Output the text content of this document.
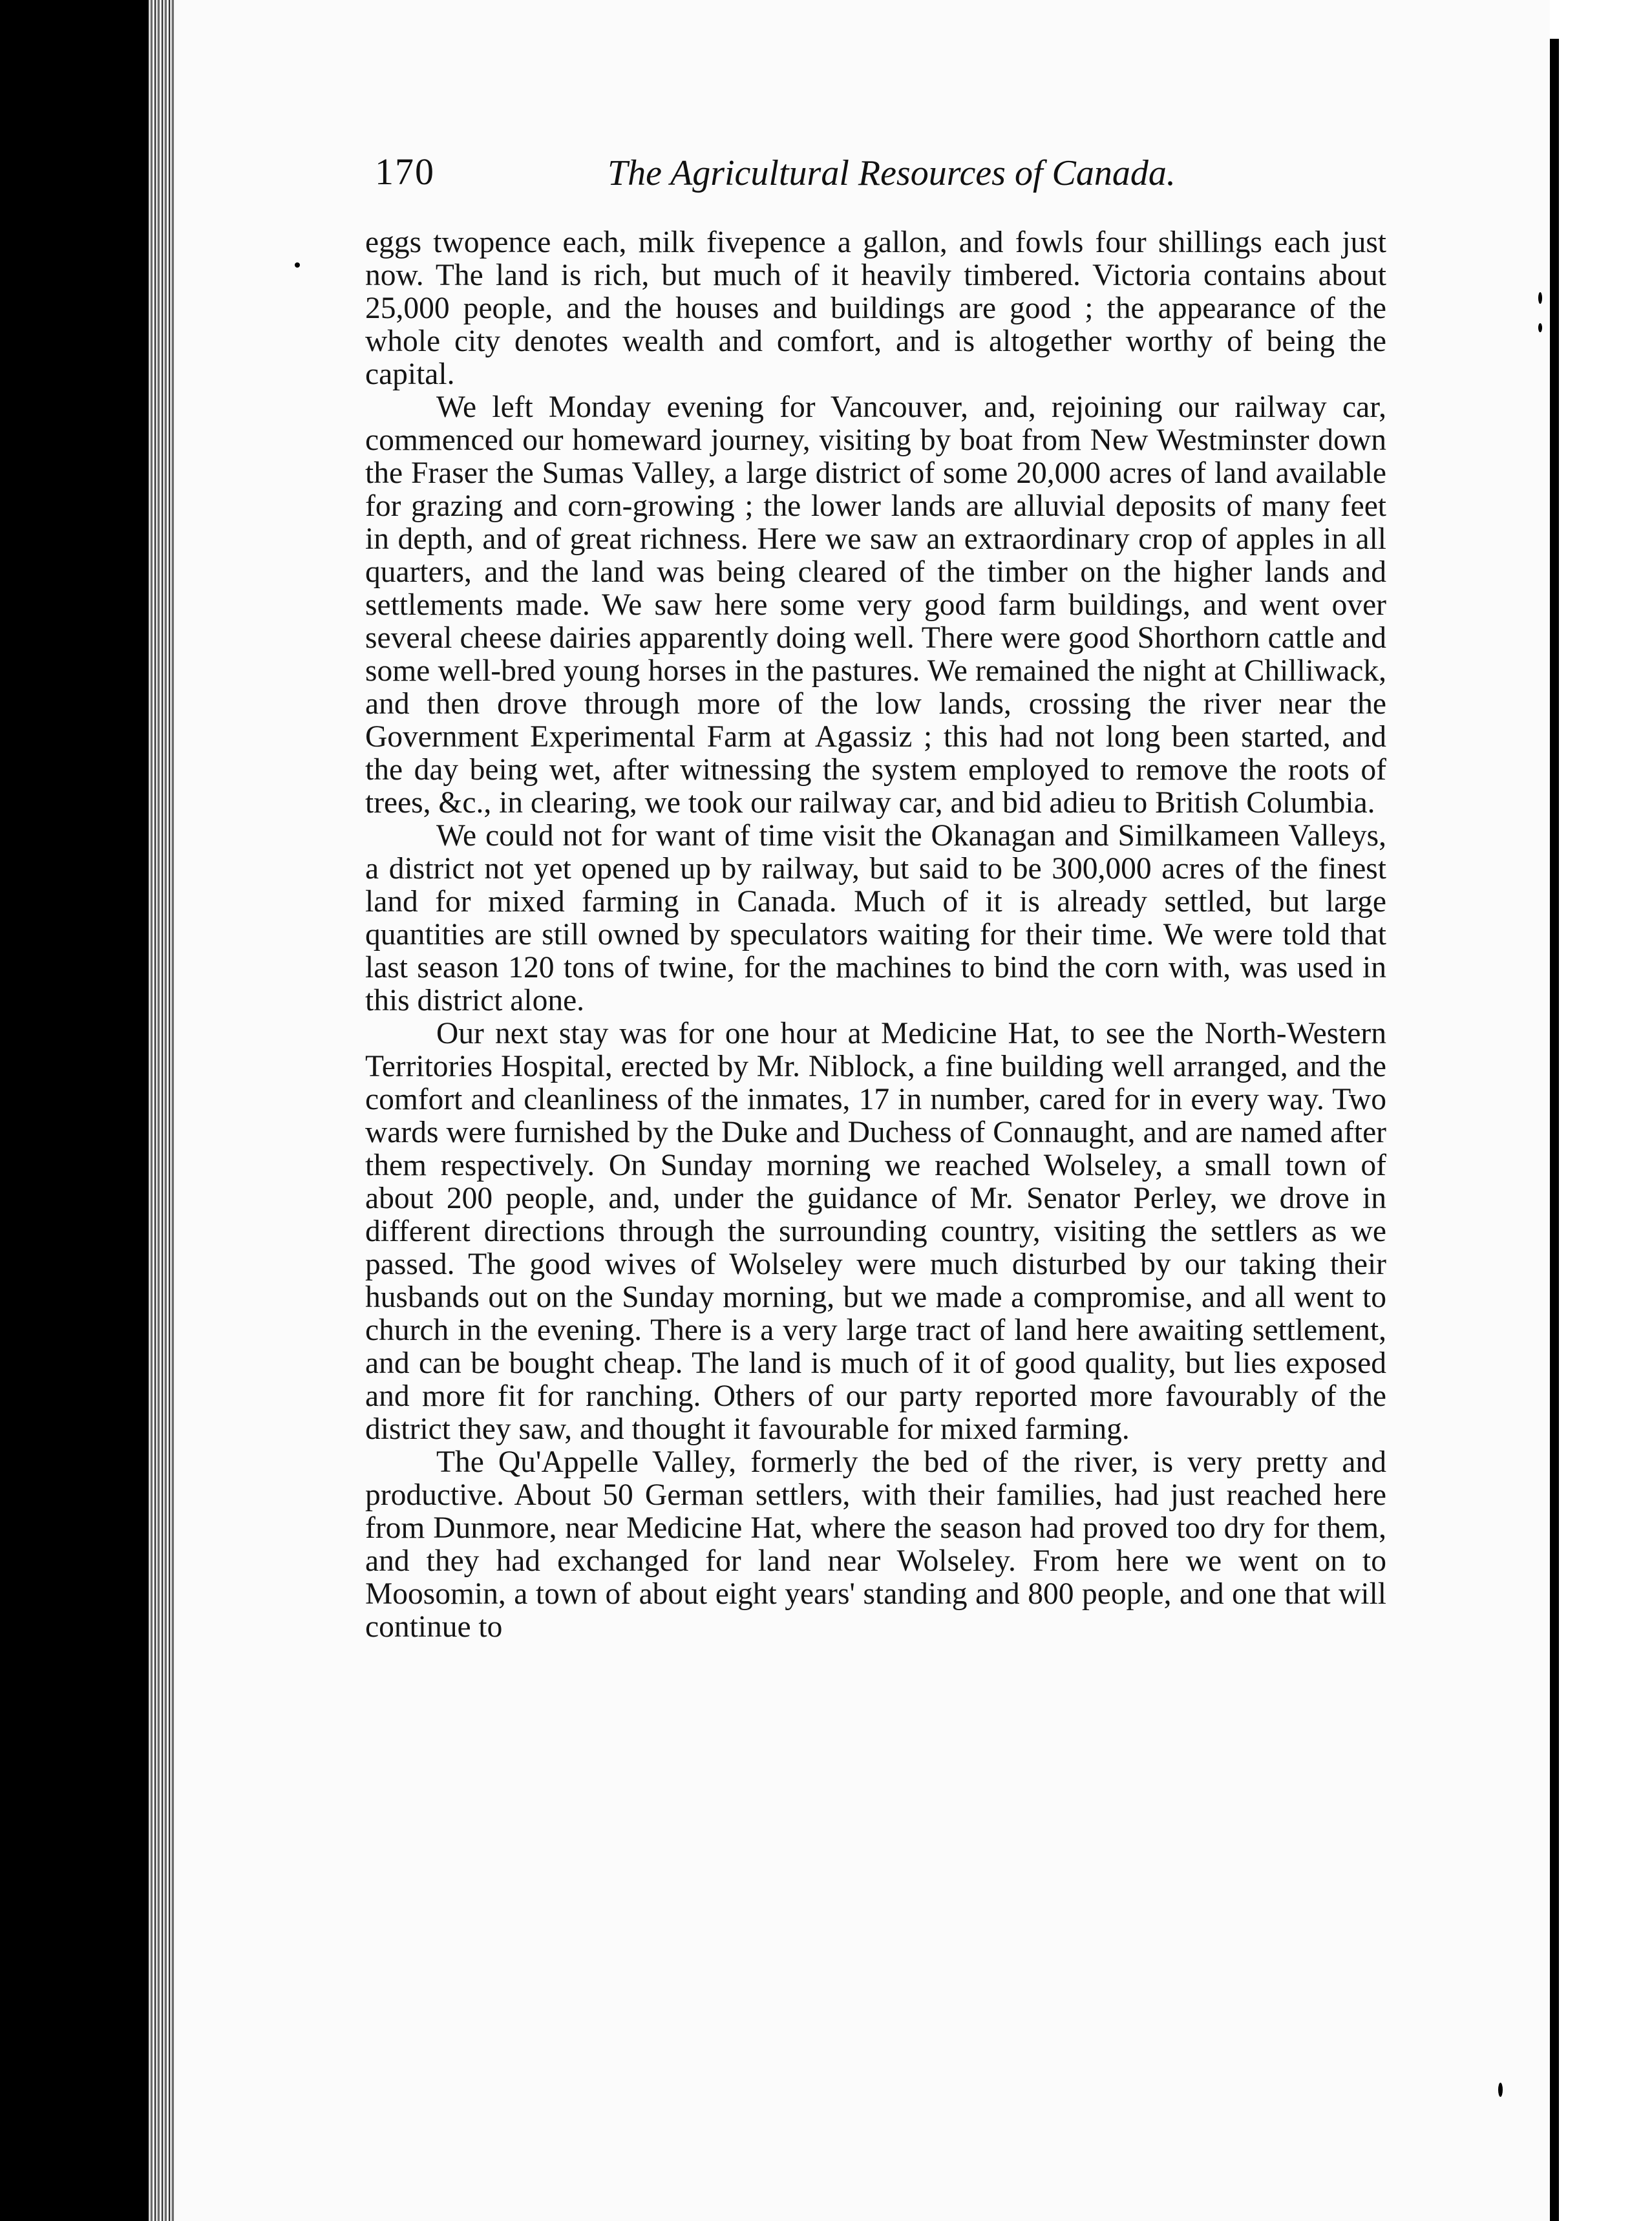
170	The Agricultural Resources of Canada.

eggs twopence each, milk fivepence a gallon, and fowls four shillings each just now. The land is rich, but much of it heavily timbered. Victoria contains about 25,000 people, and the houses and buildings are good ; the appearance of the whole city denotes wealth and comfort, and is altogether worthy of being the capital.

We left Monday evening for Vancouver, and, rejoining our railway car, commenced our homeward journey, visiting by boat from New Westminster down the Fraser the Sumas Valley, a large district of some 20,000 acres of land available for grazing and corn-growing ; the lower lands are alluvial deposits of many feet in depth, and of great richness. Here we saw an extraordinary crop of apples in all quarters, and the land was being cleared of the timber on the higher lands and settlements made. We saw here some very good farm buildings, and went over several cheese dairies apparently doing well. There were good Shorthorn cattle and some well-bred young horses in the pastures. We remained the night at Chilliwack, and then drove through more of the low lands, crossing the river near the Government Experimental Farm at Agassiz ; this had not long been started, and the day being wet, after witnessing the system employed to remove the roots of trees, &c., in clearing, we took our railway car, and bid adieu to British Columbia.

We could not for want of time visit the Okanagan and Similkameen Valleys, a district not yet opened up by railway, but said to be 300,000 acres of the finest land for mixed farming in Canada. Much of it is already settled, but large quantities are still owned by speculators waiting for their time. We were told that last season 120 tons of twine, for the machines to bind the corn with, was used in this district alone.

Our next stay was for one hour at Medicine Hat, to see the North-Western Territories Hospital, erected by Mr. Niblock, a fine building well arranged, and the comfort and cleanliness of the inmates, 17 in number, cared for in every way. Two wards were furnished by the Duke and Duchess of Connaught, and are named after them respectively. On Sunday morning we reached Wolseley, a small town of about 200 people, and, under the guidance of Mr. Senator Perley, we drove in different directions through the surrounding country, visiting the settlers as we passed. The good wives of Wolseley were much disturbed by our taking their husbands out on the Sunday morning, but we made a compromise, and all went to church in the evening. There is a very large tract of land here awaiting settlement, and can be bought cheap. The land is much of it of good quality, but lies exposed and more fit for ranching. Others of our party reported more favourably of the district they saw, and thought it favourable for mixed farming.

The Qu'Appelle Valley, formerly the bed of the river, is very pretty and productive. About 50 German settlers, with their families, had just reached here from Dunmore, near Medicine Hat, where the season had proved too dry for them, and they had exchanged for land near Wolseley. From here we went on to Moosomin, a town of about eight years' standing and 800 people, and one that will continue to
